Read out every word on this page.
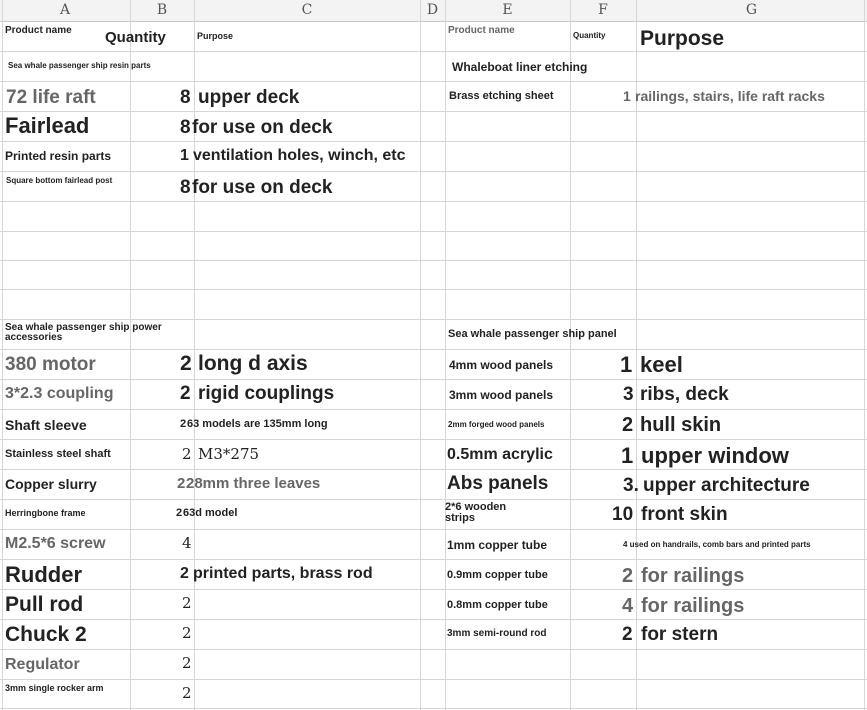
A	B	C	D	E	F	G
Product name Quantity	Purpose
Sea whale passenger ship resin parts
72 life raft	8 upper deck
Fairlead	8 for use on deck
Printed resin parts	1 ventilation holes, winch, etc
Square bottom fairlead post	8 for use on deck
Sea whale passenger ship power accessories
380 motor	2 long d axis
3*2.3 coupling	2 rigid couplings
Shaft sleeve	2 63 models are 135mm long
Stainless steel shaft	2 M3*275
Copper slurry	2 28mm three leaves
Herringbone frame	2 63d model
M2.5*6 screw	4
Rudder	2 printed parts, brass rod
Pull rod	2
Chuck 2	2
Regulator	2
3mm single rocker arm	2
Product name	Quantity Purpose
Whaleboat liner etching
Brass etching sheet	1 railings, stairs, life raft racks
Sea whale passenger ship panel
4mm wood panels	1 keel
3mm wood panels	3 ribs, deck
2mm forged wood panels	2 hull skin
0.5mm acrylic	1 upper window
Abs panels	3. upper architecture
2*6 wooden strips	10 front skin
1mm copper tube	4 used on handrails, comb bars and printed parts
0.9mm copper tube	2 for railings
0.8mm copper tube	4 for railings
3mm semi-round rod	2 for stern
